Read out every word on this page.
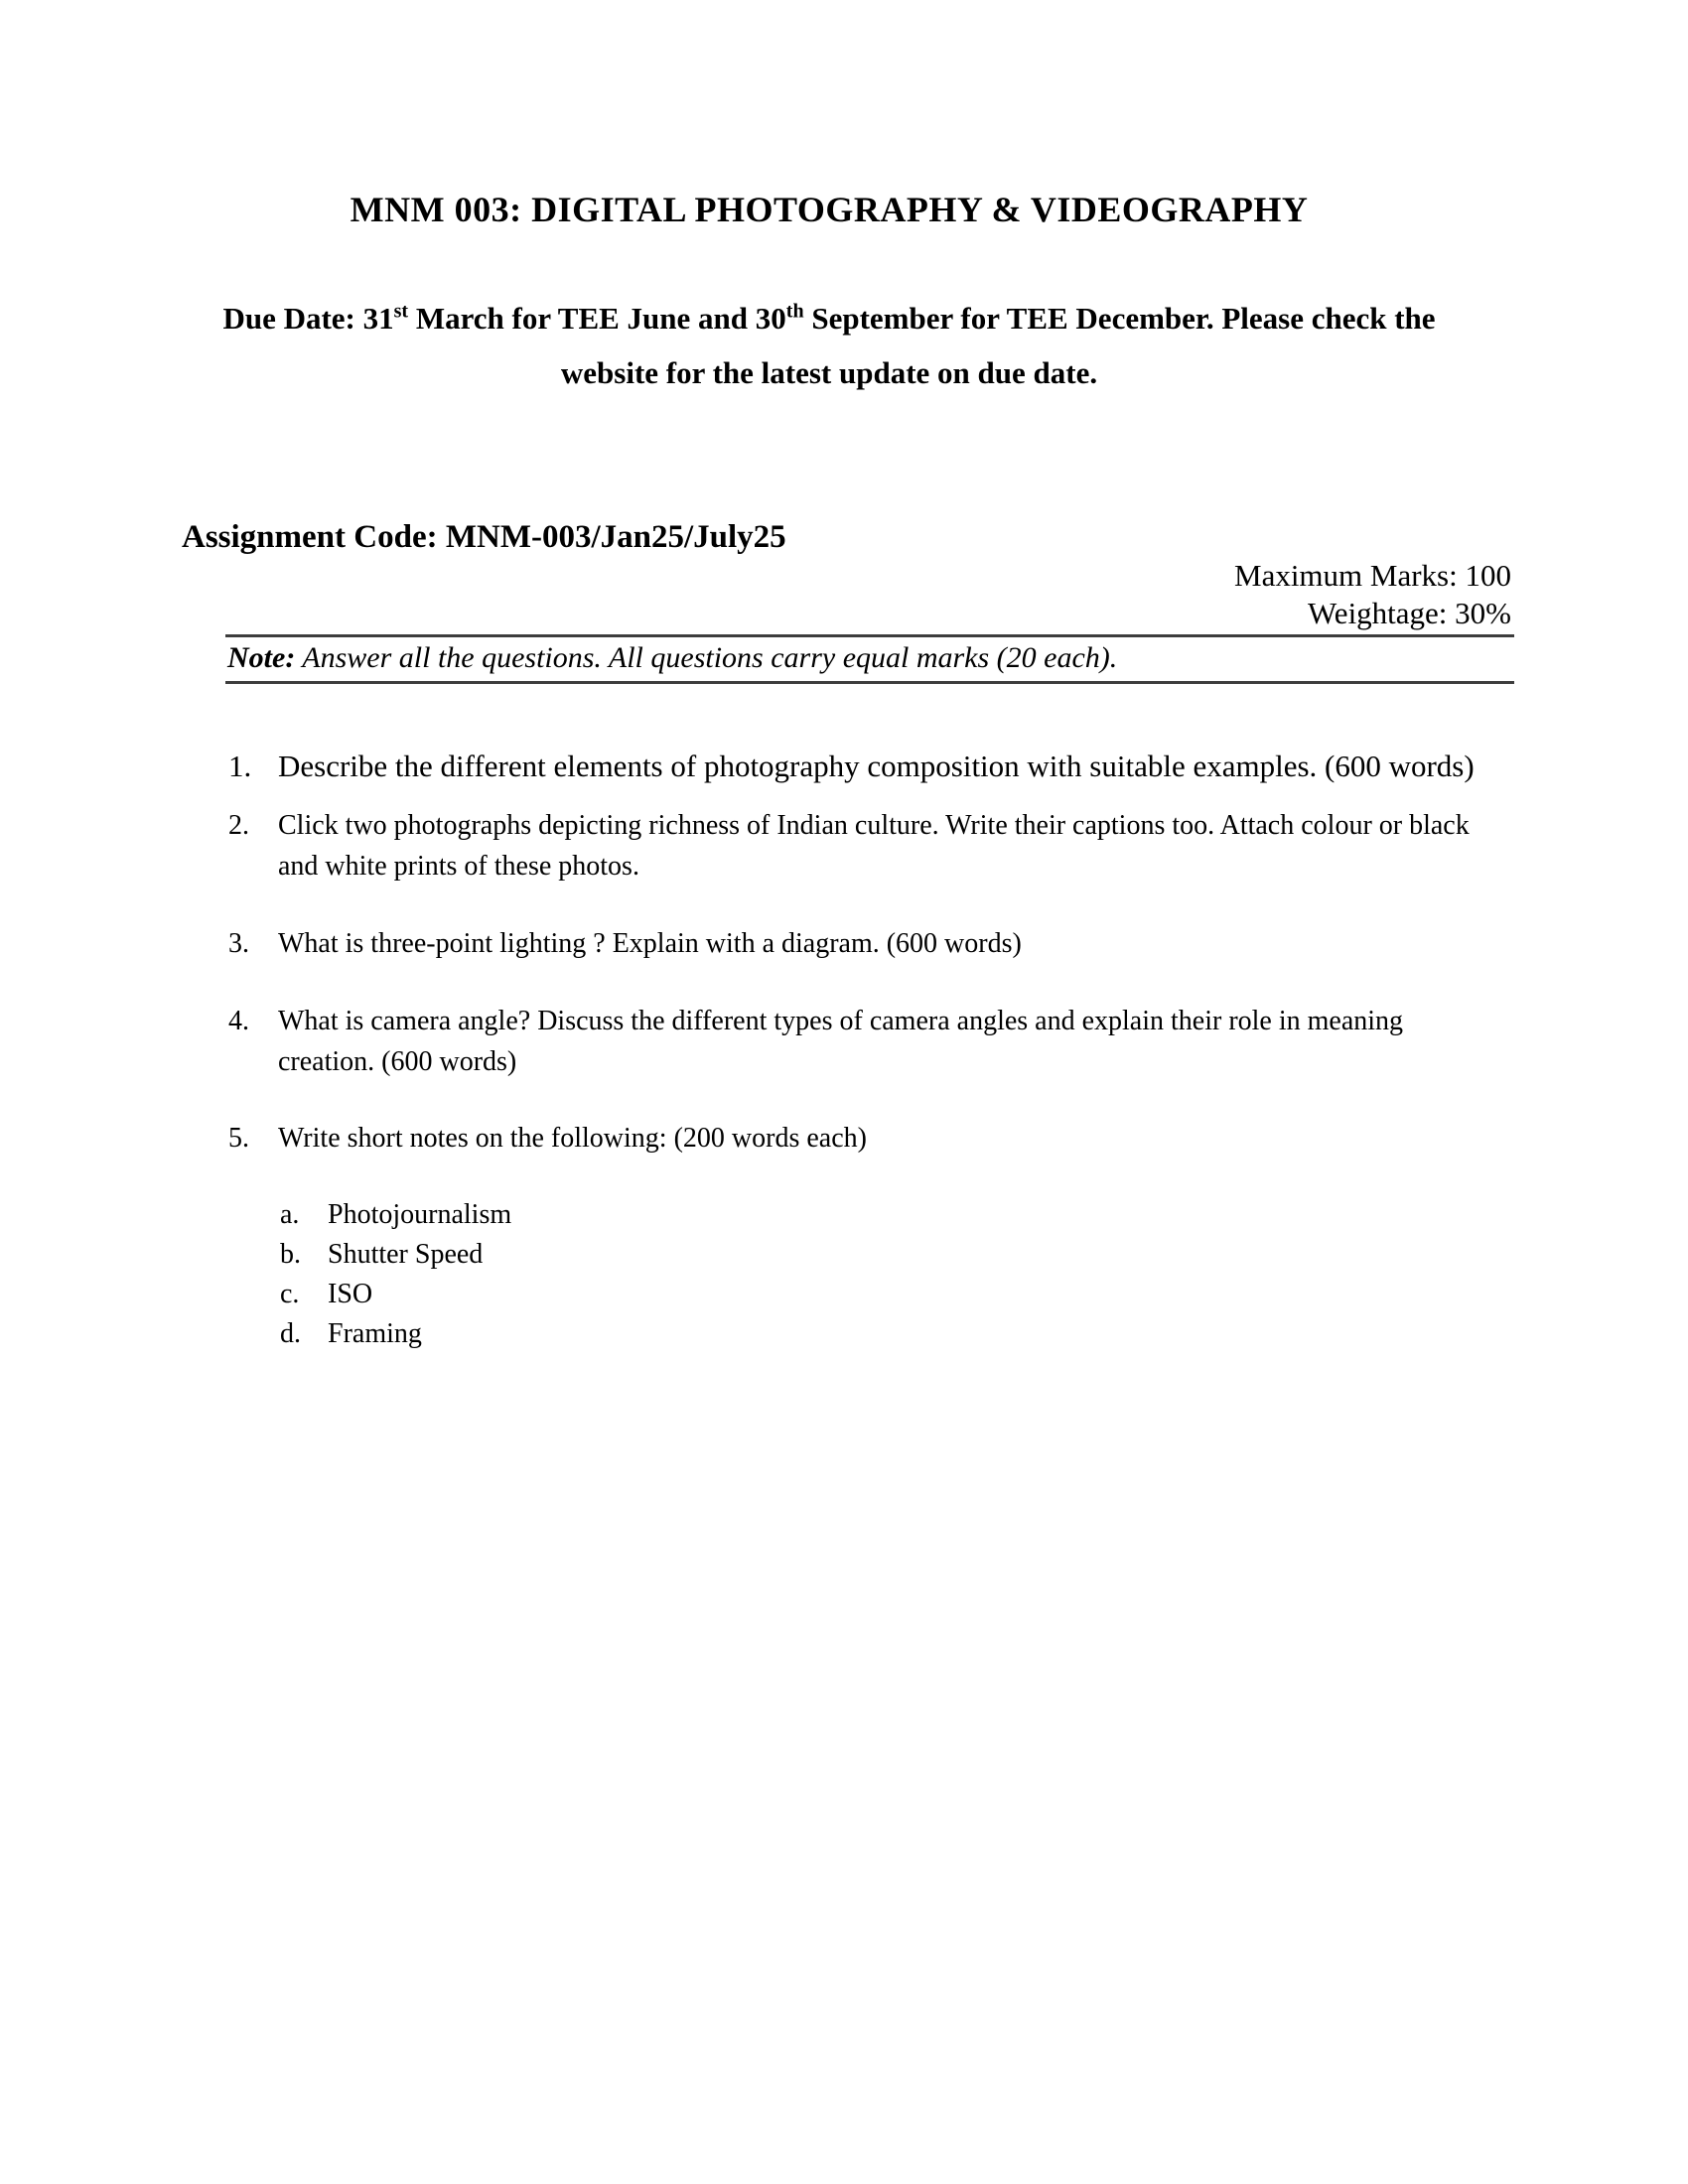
MNM 003: DIGITAL PHOTOGRAPHY & VIDEOGRAPHY
Due Date: 31st March for TEE June and 30th September for TEE December. Please check the
website for the latest update on due date.
Assignment Code: MNM-003/Jan25/July25
Maximum Marks: 100
Weightage: 30%
Note: Answer all the questions. All questions carry equal marks (20 each).
1. Describe the different elements of photography composition with suitable examples. (600 words)
2.	Click two photographs depicting richness of Indian culture. Write their captions too. Attach colour or black and white prints of these photos.
3.	What is three-point lighting ? Explain with a diagram. (600 words)
4.	What is camera angle? Discuss the different types of camera angles and explain their role in meaning creation. (600 words)
5.	Write short notes on the following: (200 words each)
a.	Photojournalism
b. Shutter Speed
c.	ISO
d. Framing
